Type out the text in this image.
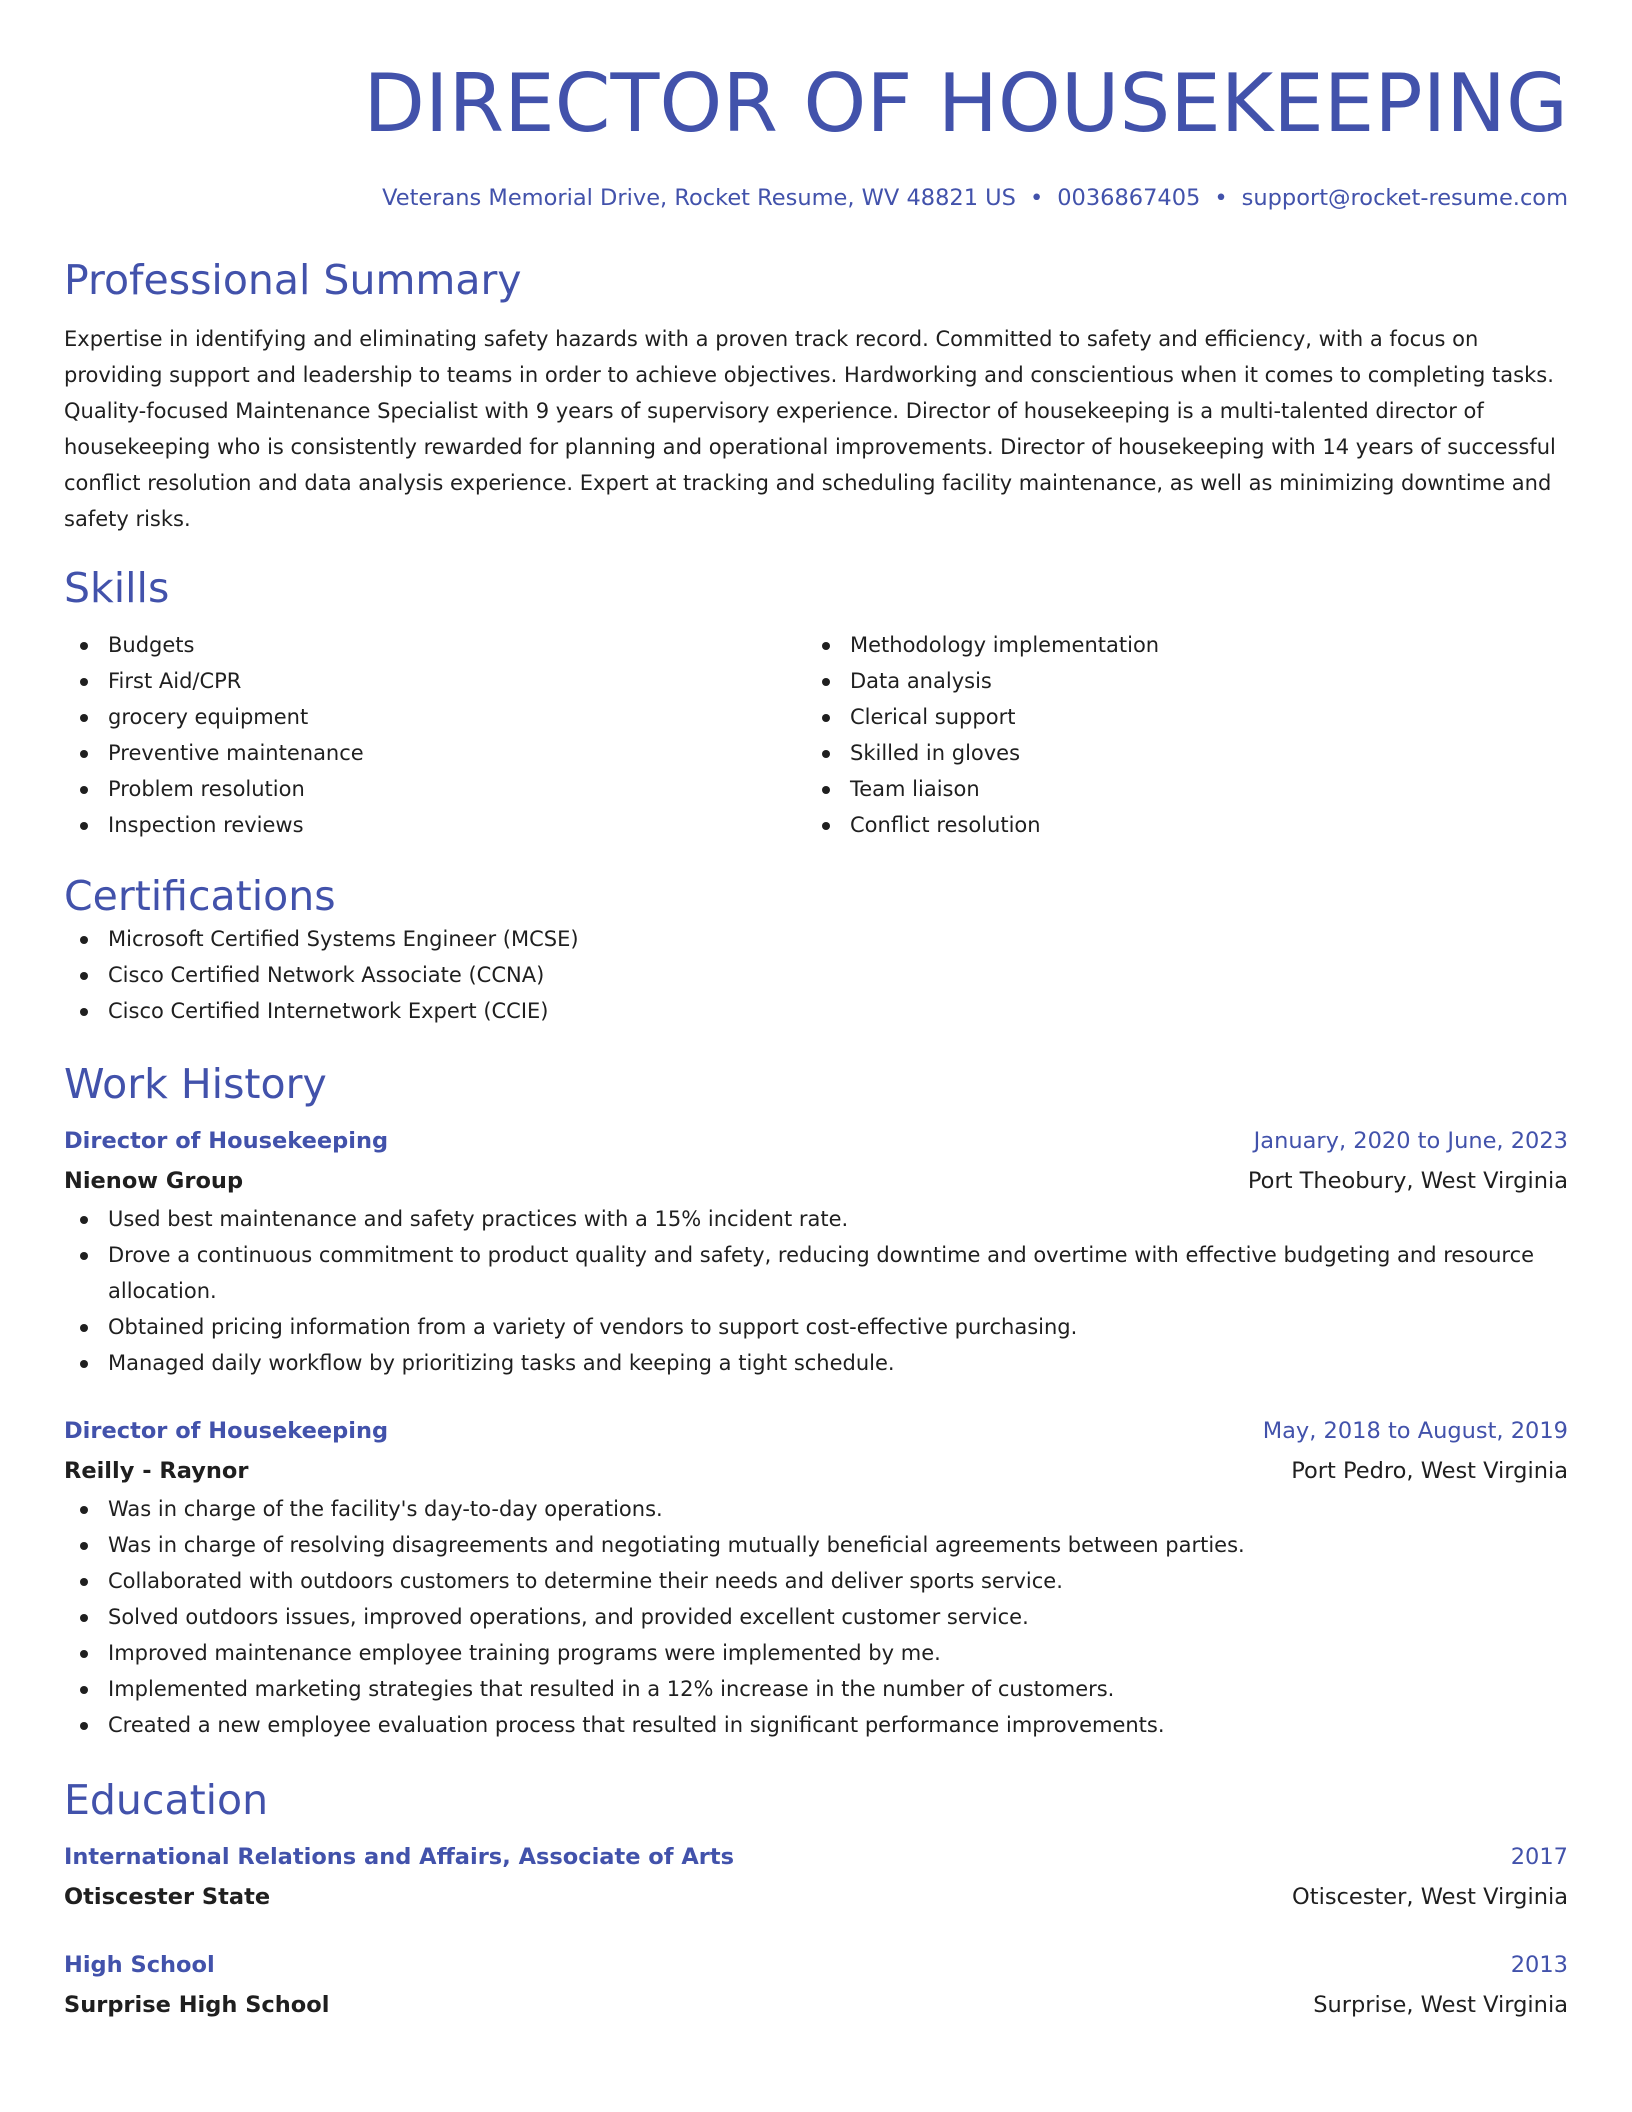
DIRECTOR OF HOUSEKEEPING
Veterans Memorial Drive, Rocket Resume, WV 48821 US • 0036867405 • support@rocket-resume.com
Professional Summary
Expertise in identifying and eliminating safety hazards with a proven track record. Committed to safety and efficiency, with a focus on providing support and leadership to teams in order to achieve objectives. Hardworking and conscientious when it comes to completing tasks. Quality-focused Maintenance Specialist with 9 years of supervisory experience. Director of housekeeping is a multi-talented director of housekeeping who is consistently rewarded for planning and operational improvements. Director of housekeeping with 14 years of successful conflict resolution and data analysis experience. Expert at tracking and scheduling facility maintenance, as well as minimizing downtime and safety risks.
Skills
Budgets
First Aid/CPR
grocery equipment
Preventive maintenance
Problem resolution
Inspection reviews
Methodology implementation
Data analysis
Clerical support
Skilled in gloves
Team liaison
Conflict resolution
Certifications
Microsoft Certified Systems Engineer (MCSE)
Cisco Certified Network Associate (CCNA)
Cisco Certified Internetwork Expert (CCIE)
Work History
Director of Housekeeping	January, 2020 to June, 2023
Nienow Group	Port Theobury, West Virginia
Used best maintenance and safety practices with a 15% incident rate.
Drove a continuous commitment to product quality and safety, reducing downtime and overtime with effective budgeting and resource allocation.
Obtained pricing information from a variety of vendors to support cost-effective purchasing.
Managed daily workflow by prioritizing tasks and keeping a tight schedule.
Director of Housekeeping	May, 2018 to August, 2019
Reilly - Raynor	Port Pedro, West Virginia
Was in charge of the facility's day-to-day operations.
Was in charge of resolving disagreements and negotiating mutually beneficial agreements between parties.
Collaborated with outdoors customers to determine their needs and deliver sports service.
Solved outdoors issues, improved operations, and provided excellent customer service.
Improved maintenance employee training programs were implemented by me.
Implemented marketing strategies that resulted in a 12% increase in the number of customers.
Created a new employee evaluation process that resulted in significant performance improvements.
Education
International Relations and Affairs, Associate of Arts	2017
Otiscester State	Otiscester, West Virginia
High School	2013
Surprise High School	Surprise, West Virginia
